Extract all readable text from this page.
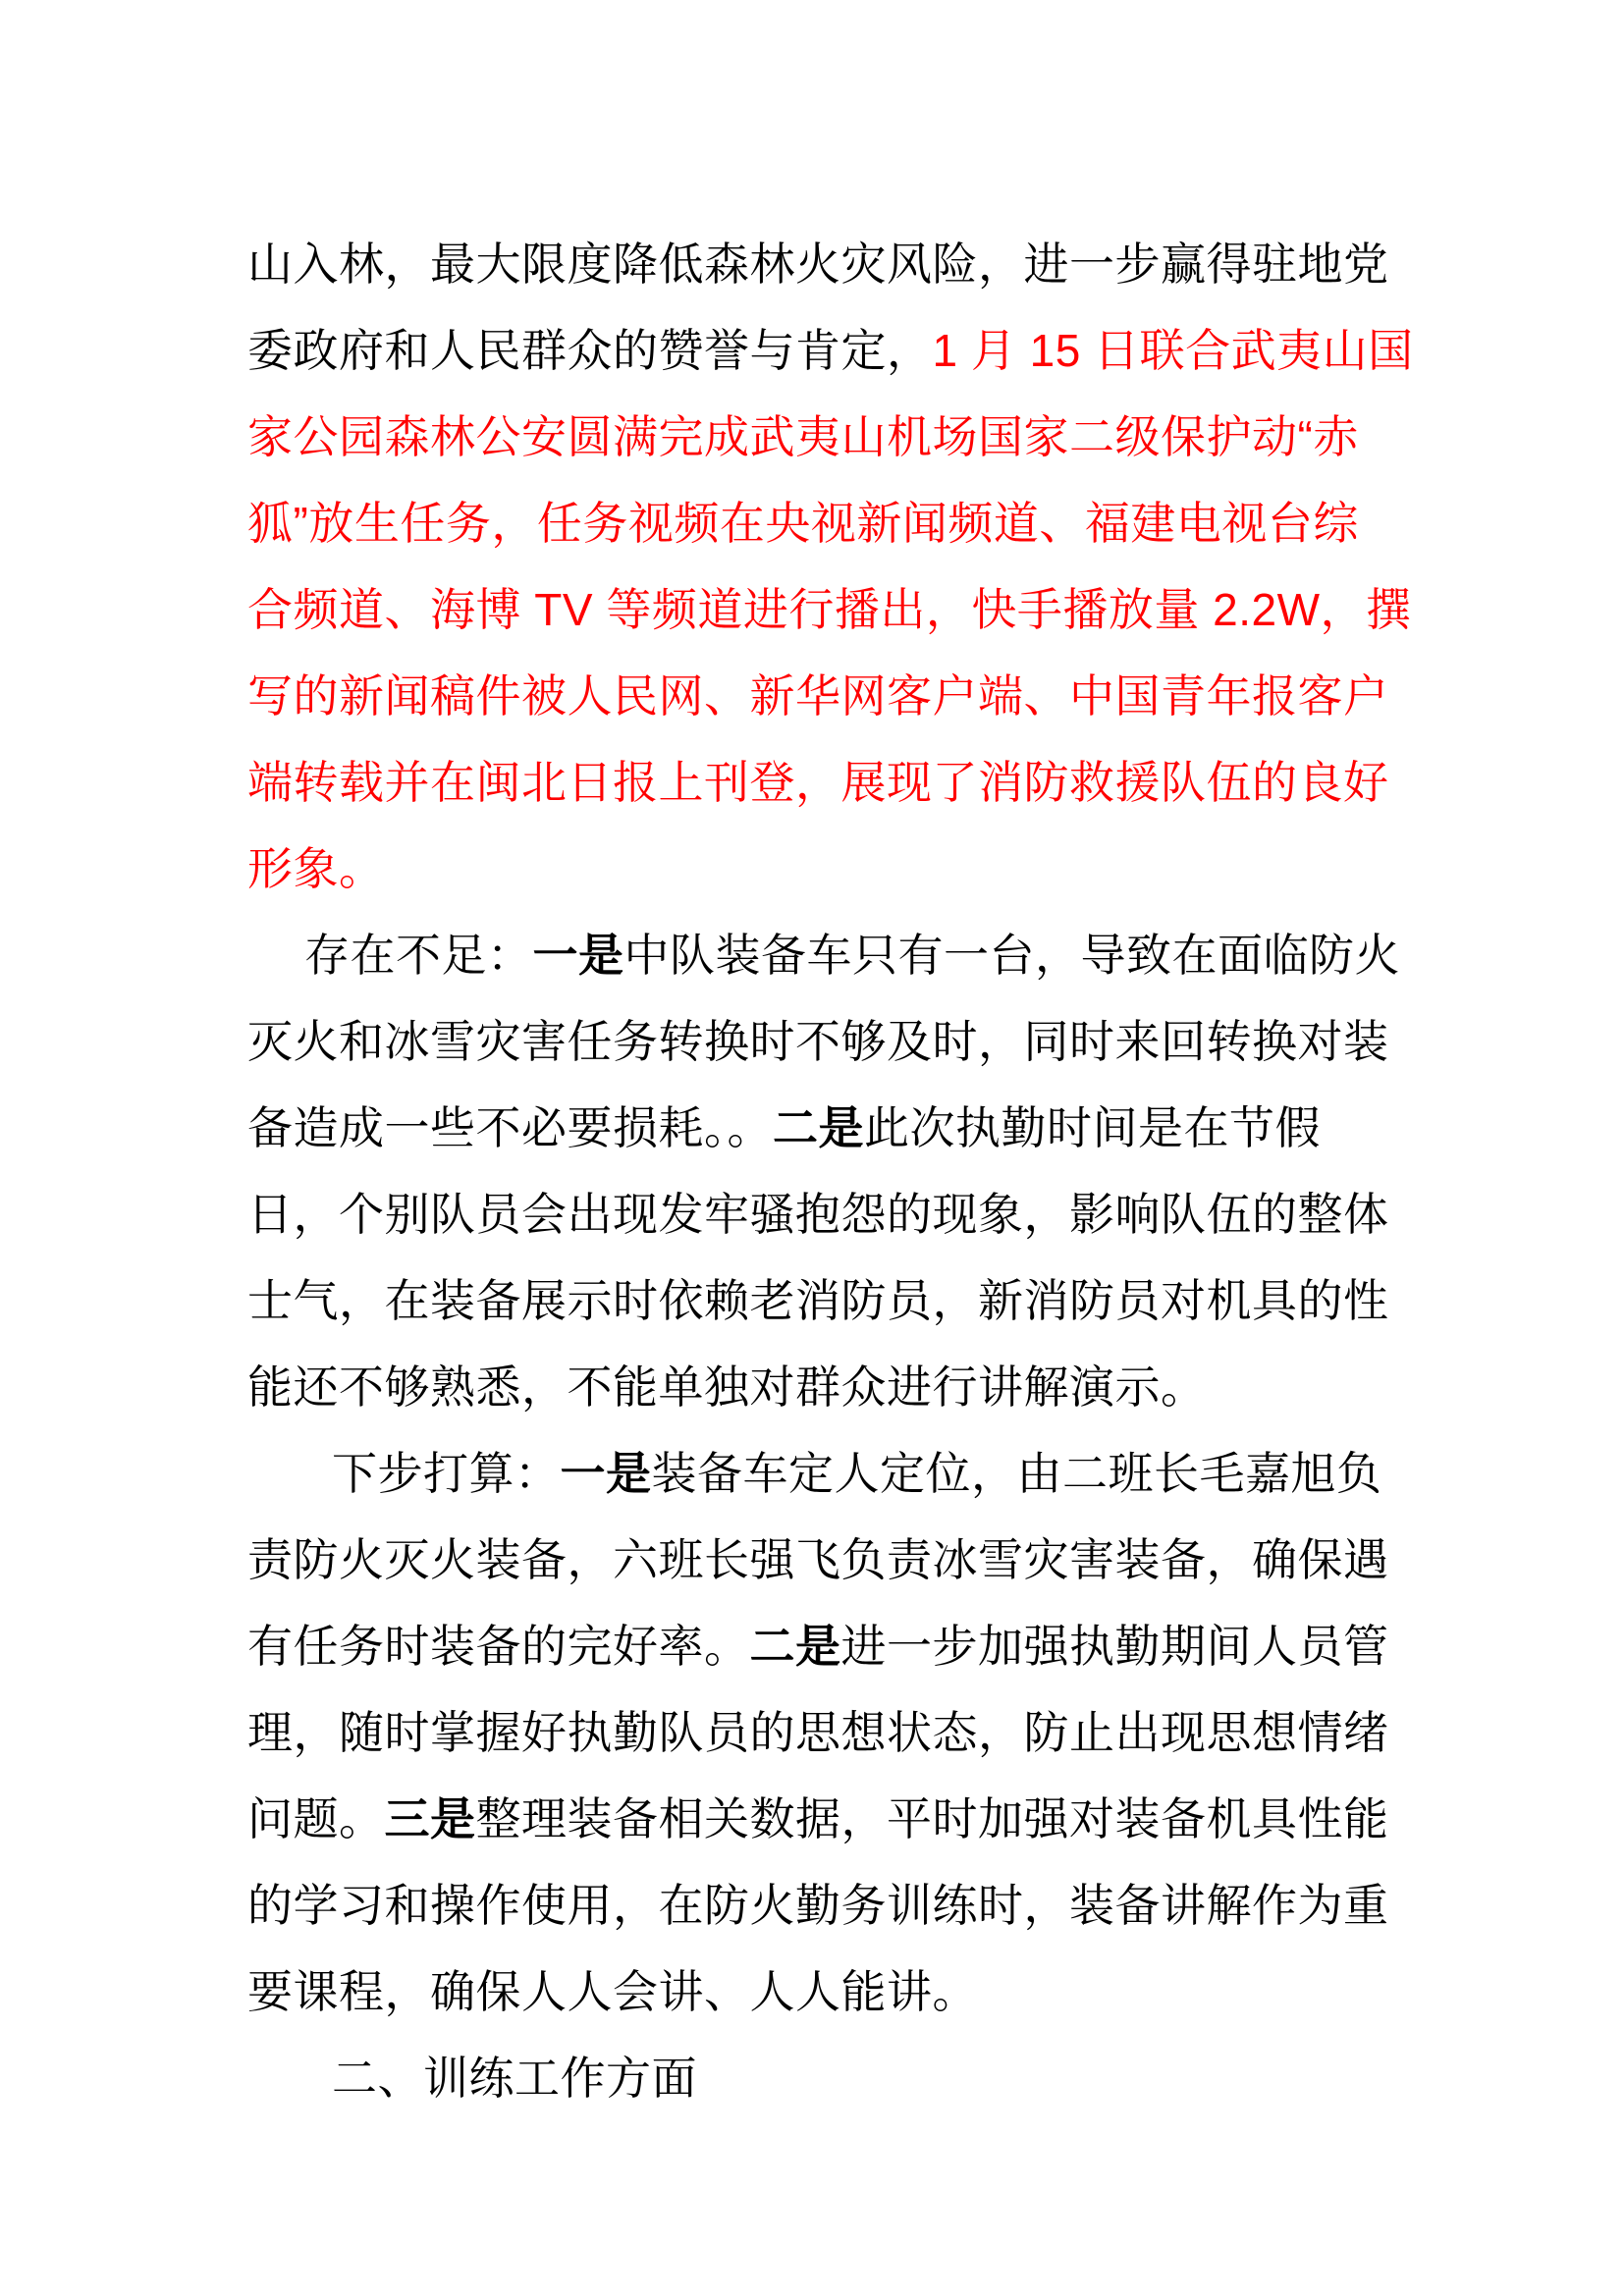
山入林，最大限度降低森林火灾风险，进一步赢得驻地党
委政府和人民群众的赞誉与肯定，1 月 15 日联合武夷山国
家公园森林公安圆满完成武夷山机场国家二级保护动“赤
狐”放生任务，任务视频在央视新闻频道、福建电视台综
合频道、海博 TV 等频道进行播出，快手播放量 2.2W，撰
写的新闻稿件被人民网、新华网客户端、中国青年报客户
端转载并在闽北日报上刊登，展现了消防救援队伍的良好
形象。
存在不足：一是中队装备车只有一台，导致在面临防火
灭火和冰雪灾害任务转换时不够及时，同时来回转换对装
备造成一些不必要损耗。。二是此次执勤时间是在节假
日，个别队员会出现发牢骚抱怨的现象，影响队伍的整体
士气，在装备展示时依赖老消防员，新消防员对机具的性
能还不够熟悉，不能单独对群众进行讲解演示。
下步打算：一是装备车定人定位，由二班长毛嘉旭负
责防火灭火装备，六班长强飞负责冰雪灾害装备，确保遇
有任务时装备的完好率。二是进一步加强执勤期间人员管
理，随时掌握好执勤队员的思想状态，防止出现思想情绪
问题。三是整理装备相关数据，平时加强对装备机具性能
的学习和操作使用，在防火勤务训练时，装备讲解作为重
要课程，确保人人会讲、人人能讲。
二、训练工作方面
